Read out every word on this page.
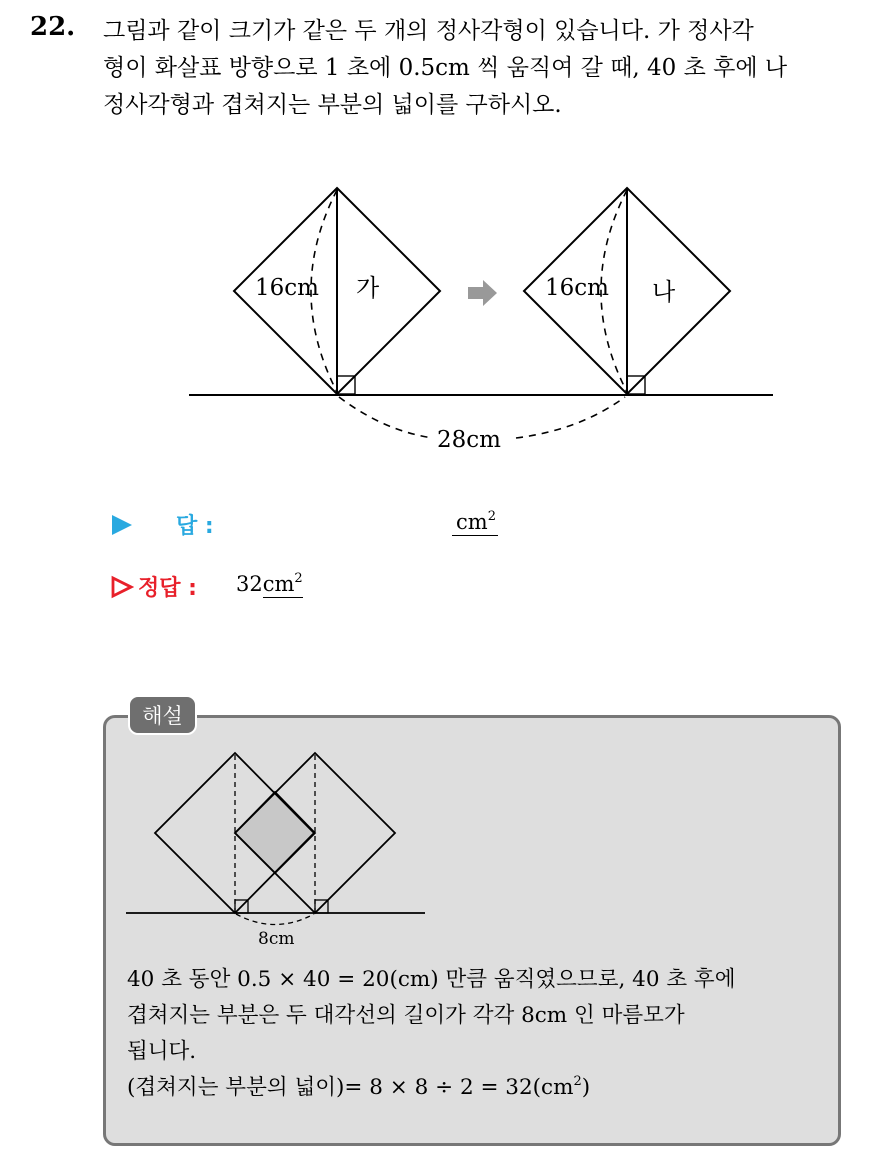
22. 그림과 같이 크기가 같은 두 개의 정사각형이 있습니다. 가 정사각
형이 화살표 방향으로 1 초에 0.5cm 씩 움직여 갈 때, 40 초 후에 나
정사각형과 겹쳐지는 부분의 넓이를 구하시오.
16cm 가	16cm 나
28cm
답 :	$cm^2$
정답 : $32cm^2$
해설
8cm
40 초 동안 0.5 × 40 = 20(cm) 만큼 움직였으므로, 40 초 후에
겹쳐지는 부분은 두 대각선의 길이가 각각 8cm 인 마름모가
됩니다.
(겹쳐지는 부분의 넓이)= $8 \times 8 \div 2 = 32(cm^2)$
